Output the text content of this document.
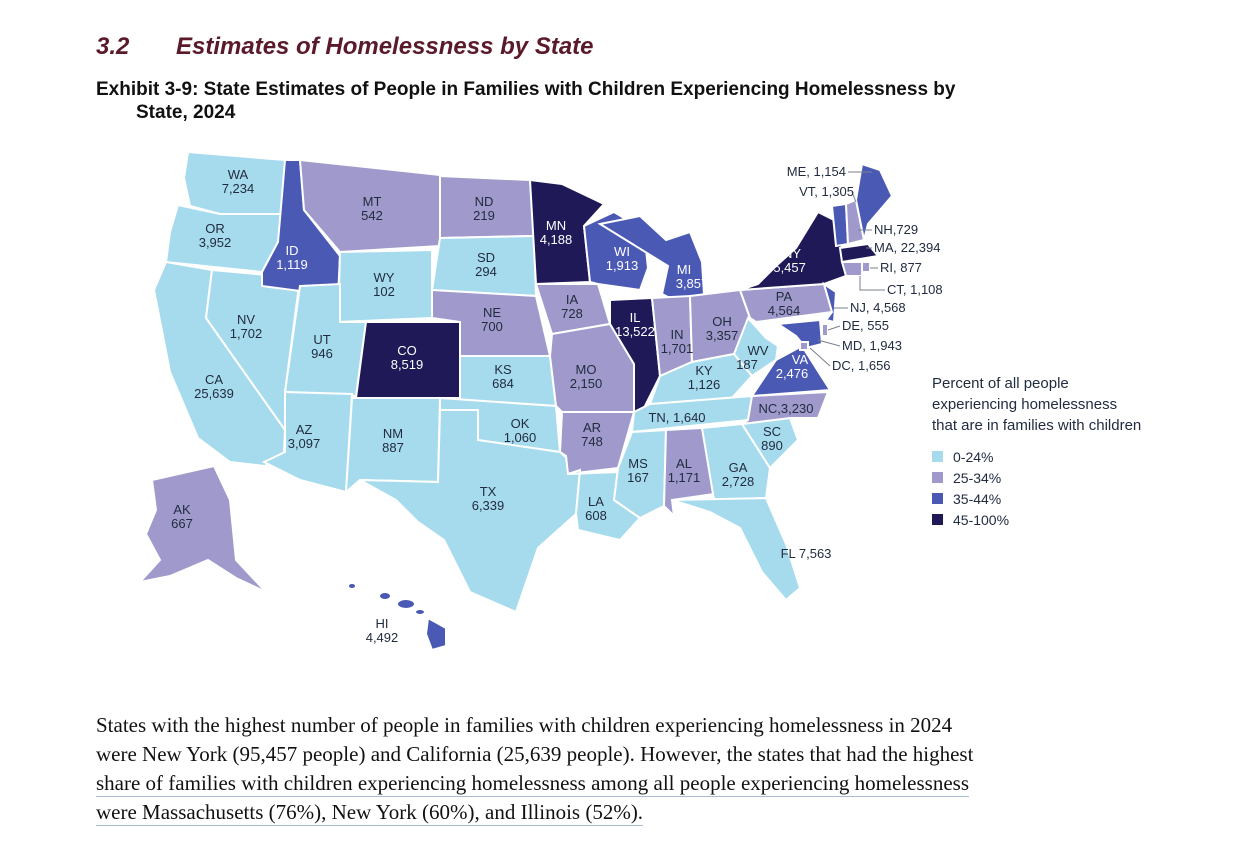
3.2	Estimates of Homelessness by State
Exhibit 3-9: State Estimates of People in Families with Children Experiencing Homelessness by
State, 2024
WA 7,234
OR 3,952
CA 25,639
NV 1,702
ID 1,119
MT 542
WY 102
UT 946
AZ 3,097
CO 8,519
NM 887
ND 219
SD 294
NE 700
KS 684
OK 1,060
TX 6,339
MN 4,188
IA 728
MO 2,150
AR 748
LA 608
WI 1,913
IL 13,522
MI 3,857
IN 1,701
OH 3,357
KY 1,126
TN, 1,640
MS 167
AL 1,171
GA 2,728
FL 7,563
SC 890
NC,3,230
VA 2,476
WV 187
PA 4,564
NY 95,457
AK 667
HI 4,492
ME, 1,154
VT, 1,305
NH,729
MA, 22,394
RI, 877
CT, 1,108
NJ, 4,568
DE, 555
MD, 1,943
DC, 1,656
Percent of all people
experiencing homelessness
that are in families with children
0-24%
25-34%
35-44%
45-100%
States with the highest number of people in families with children experiencing homelessness in 2024
were New York (95,457 people) and California (25,639 people). However, the states that had the highest
share of families with children experiencing homelessness among all people experiencing homelessness
were Massachusetts (76%), New York (60%), and Illinois (52%).
